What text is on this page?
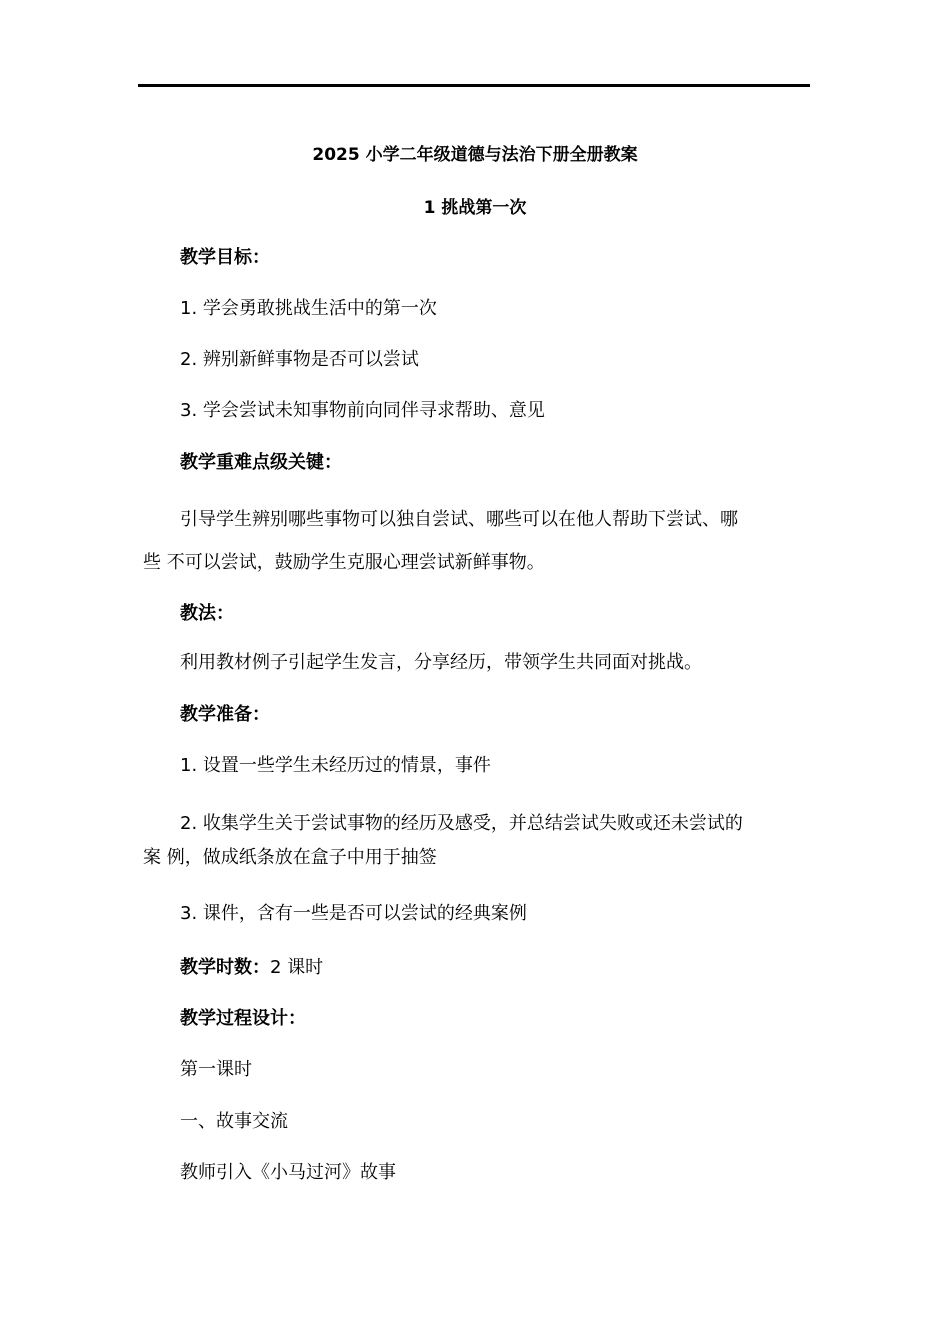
2025 小学二年级道德与法治下册全册教案
1 挑战第一次
教学目标：
1. 学会勇敢挑战生活中的第一次
2. 辨别新鲜事物是否可以尝试
3. 学会尝试未知事物前向同伴寻求帮助、意见
教学重难点级关键：
引导学生辨别哪些事物可以独自尝试、哪些可以在他人帮助下尝试、哪
些 不可以尝试，鼓励学生克服心理尝试新鲜事物。
教法：
利用教材例子引起学生发言，分享经历，带领学生共同面对挑战。
教学准备：
1. 设置一些学生未经历过的情景，事件
2. 收集学生关于尝试事物的经历及感受，并总结尝试失败或还未尝试的
案 例，做成纸条放在盒子中用于抽签
3. 课件，含有一些是否可以尝试的经典案例
教学时数：2 课时
教学过程设计：
第一课时
一、故事交流
教师引入《小马过河》故事
